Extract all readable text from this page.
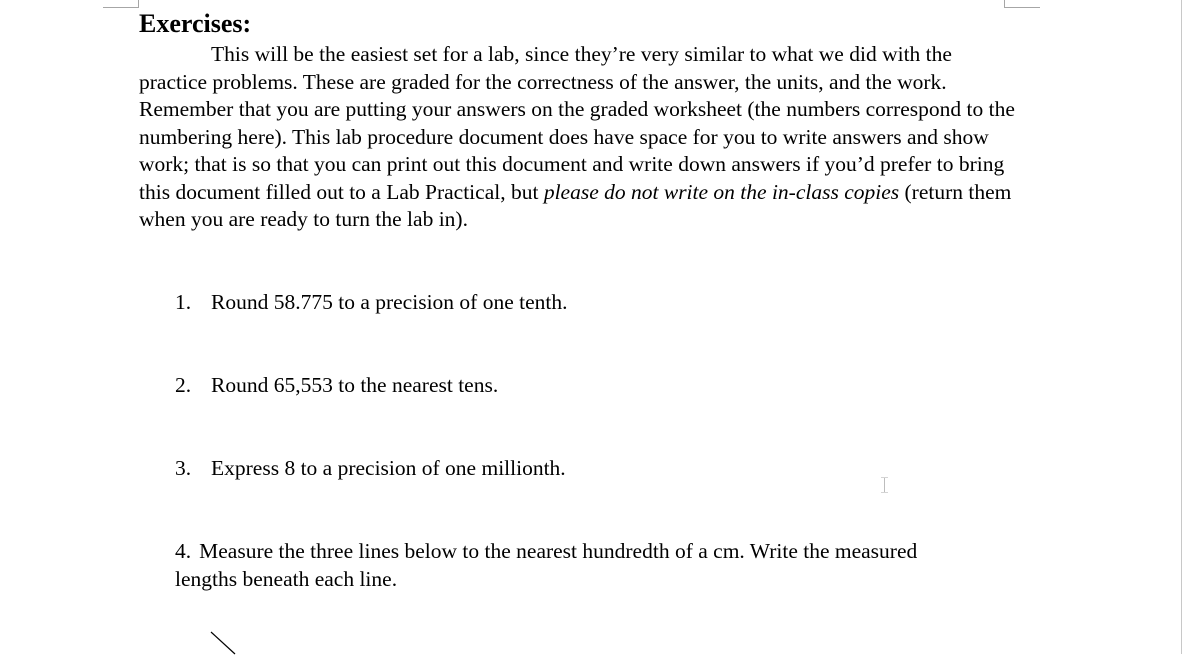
Exercises:

This will be the easiest set for a lab, since they’re very similar to what we did with the practice problems. These are graded for the correctness of the answer, the units, and the work. Remember that you are putting your answers on the graded worksheet (the numbers correspond to the numbering here). This lab procedure document does have space for you to write answers and show work; that is so that you can print out this document and write down answers if you’d prefer to bring this document filled out to a Lab Practical, but please do not write on the in-class copies (return them when you are ready to turn the lab in).

1. Round 58.775 to a precision of one tenth.

2. Round 65,553 to the nearest tens.

3. Express 8 to a precision of one millionth.

4. Measure the three lines below to the nearest hundredth of a cm. Write the measured lengths beneath each line.
